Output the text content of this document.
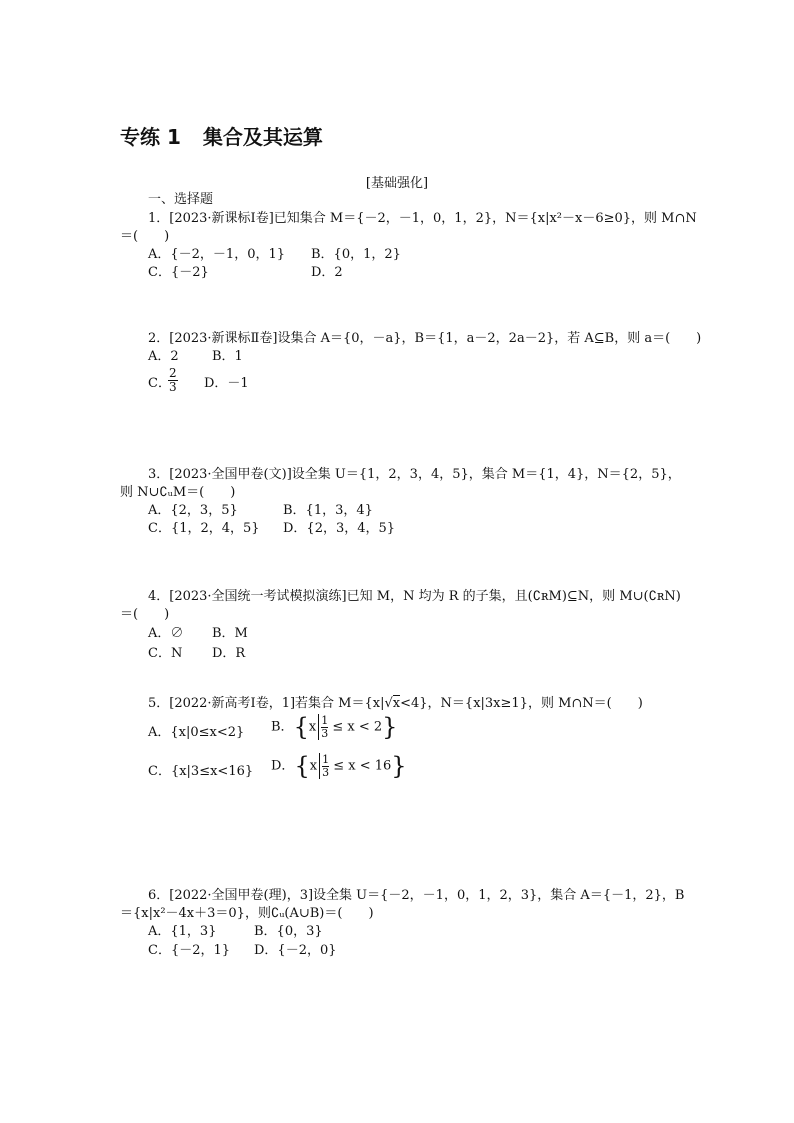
专练 1 集合及其运算
[基础强化]
一、选择题
1．[2023·新课标Ⅰ卷]已知集合 M＝{－2，－1，0，1，2}，N＝{x|x²－x－6≥0}，则 M∩N
＝(　　)
A．{－2，－1，0，1} B．{0，1，2}
C．{－2}	D．2
2．[2023·新课标Ⅱ卷]设集合 A＝{0，－a}，B＝{1，a－2，2a－2}，若 A⊆B，则 a＝(　　)
A．2	B．1
C．
$\frac{2}{3}$ D．－1
3．[2023·全国甲卷(文)]设全集 U＝{1，2，3，4，5}，集合 M＝{1，4}，N＝{2，5}，
则 N∪∁ᵤM＝(　　)
A．{2，3，5}	B．{1，3，4}
C．{1，2，4，5} D．{2，3，4，5}
4．[2023·全国统一考试模拟演练]已知 M，N 均为 R 的子集，且(∁ʀM)⊆N，则 M∪(∁ʀN)
＝(　　)
A．∅ B．M
C．N D．R
5．[2022·新高考Ⅰ卷，1]若集合 M＝{x|√x<4}，N＝{x|3x≥1}，则 M∩N＝(　　)
A．{x|0≤x<2} B．$\{x \frac{1}{3} \le x < 2\}$
C．{x|3≤x<16} D．$\{x \frac{1}{3} \le x < 16\}$
6．[2022·全国甲卷(理)，3]设全集 U＝{－2，－1，0，1，2，3}，集合 A＝{－1，2}，B
＝{x|x²－4x＋3＝0}，则∁ᵤ(A∪B)＝(　　)
A．{1，3}	B．{0，3}
C．{－2，1} D．{－2，0}
